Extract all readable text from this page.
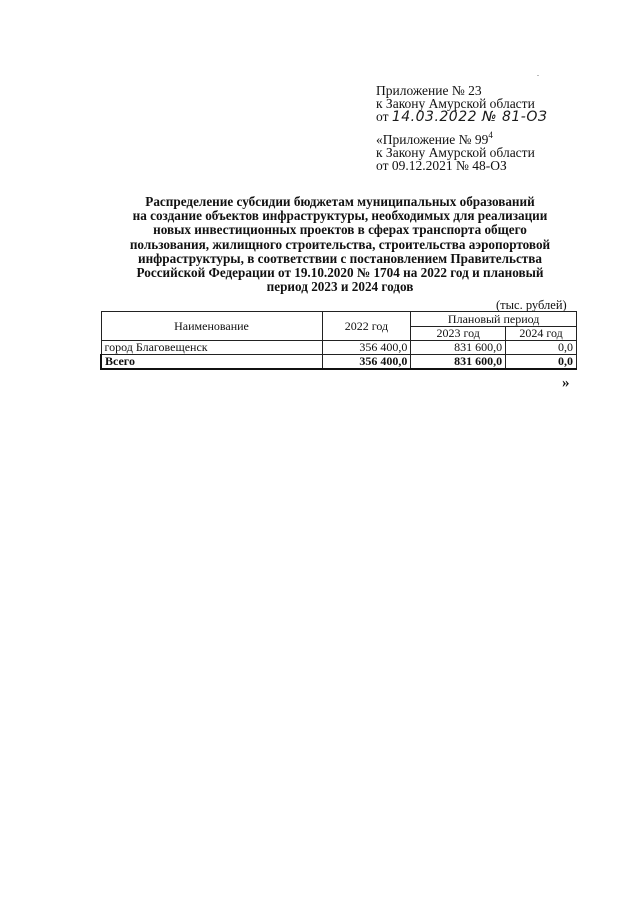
Приложение № 23
к Закону Амурской области
от 14.03.2022 № 81-ОЗ
«Приложение № $99^4$
к Закону Амурской области
от 09.12.2021 № 48-ОЗ
Распределение субсидии бюджетам муниципальных образований
на создание объектов инфраструктуры, необходимых для реализации
новых инвестиционных проектов в сферах транспорта общего
пользования, жилищного строительства, строительства аэропортовой
инфраструктуры, в соответствии с постановлением Правительства
Российской Федерации от 19.10.2020 № 1704 на 2022 год и плановый
период 2023 и 2024 годов
(тыс. рублей)
Наименование	2022 год	Плановый период	
		2023 год	2024 год
город Благовещенск	356 400,0	831 600,0	0,0
Всего	356 400,0	831 600,0	0,0
»
